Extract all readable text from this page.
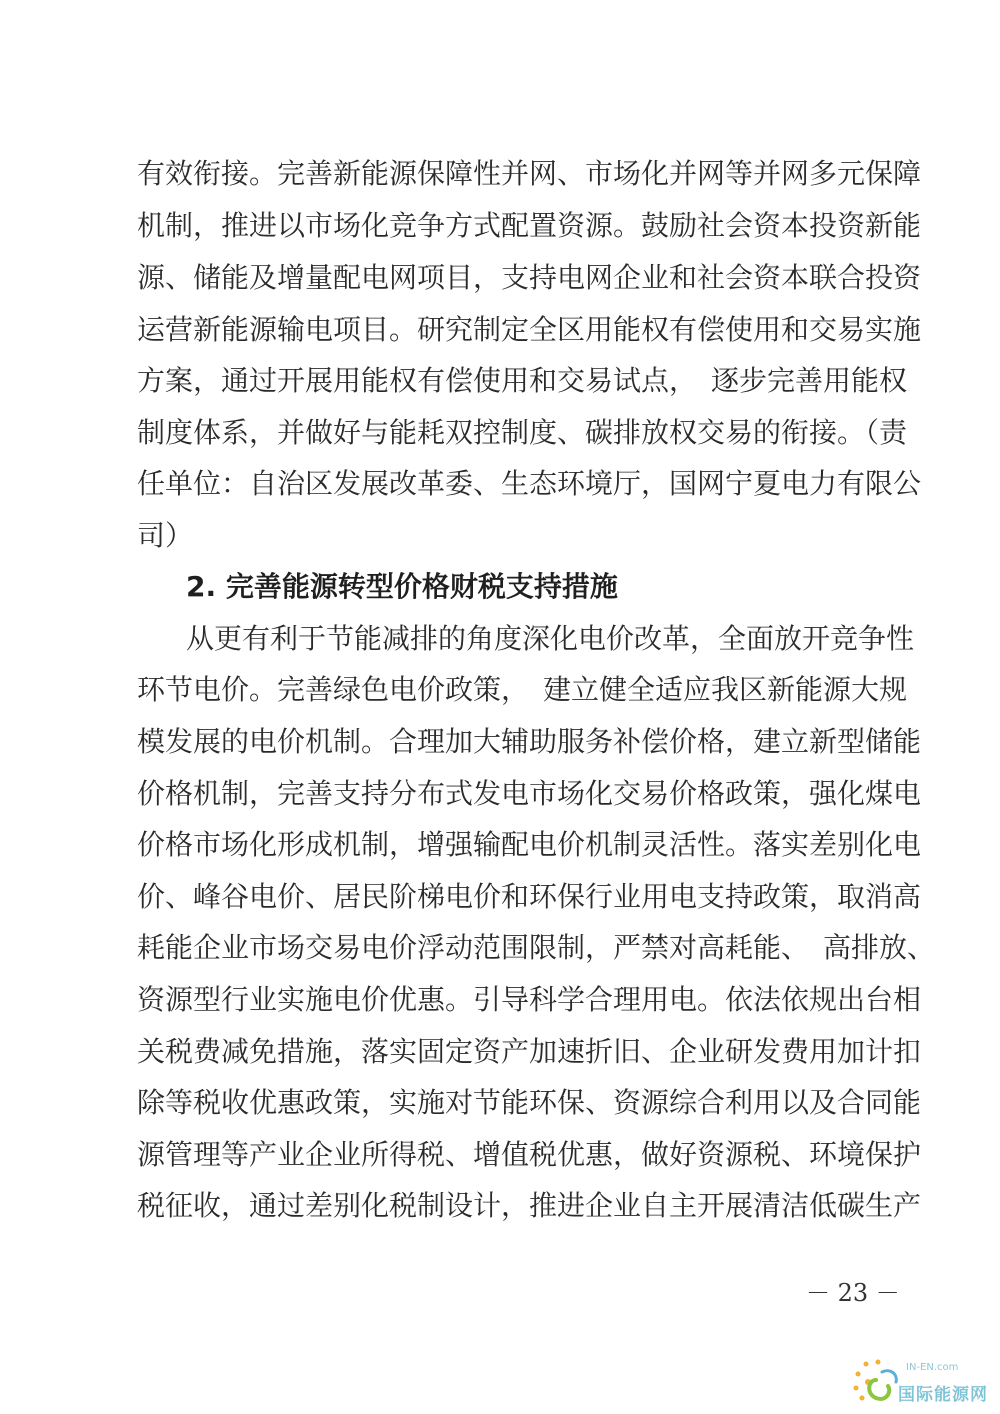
有效衔接。完善新能源保障性并网、市场化并网等并网多元保障
机制，推进以市场化竞争方式配置资源。鼓励社会资本投资新能
源、储能及增量配电网项目，支持电网企业和社会资本联合投资
运营新能源输电项目。研究制定全区用能权有偿使用和交易实施
方案，通过开展用能权有偿使用和交易试点，　逐步完善用能权
制度体系，并做好与能耗双控制度、碳排放权交易的衔接。（责
任单位：自治区发展改革委、生态环境厅，国网宁夏电力有限公
司）
2. 完善能源转型价格财税支持措施
从更有利于节能减排的角度深化电价改革，全面放开竞争性
环节电价。完善绿色电价政策，　建立健全适应我区新能源大规
模发展的电价机制。合理加大辅助服务补偿价格，建立新型储能
价格机制，完善支持分布式发电市场化交易价格政策，强化煤电
价格市场化形成机制，增强输配电价机制灵活性。落实差别化电
价、峰谷电价、居民阶梯电价和环保行业用电支持政策，取消高
耗能企业市场交易电价浮动范围限制，严禁对高耗能、　高排放、
资源型行业实施电价优惠。引导科学合理用电。依法依规出台相
关税费减免措施，落实固定资产加速折旧、企业研发费用加计扣
除等税收优惠政策，实施对节能环保、资源综合利用以及合同能
源管理等产业企业所得税、增值税优惠，做好资源税、环境保护
税征收，通过差别化税制设计，推进企业自主开展清洁低碳生产
－ 23 －
IN-EN.com
国际能源网
